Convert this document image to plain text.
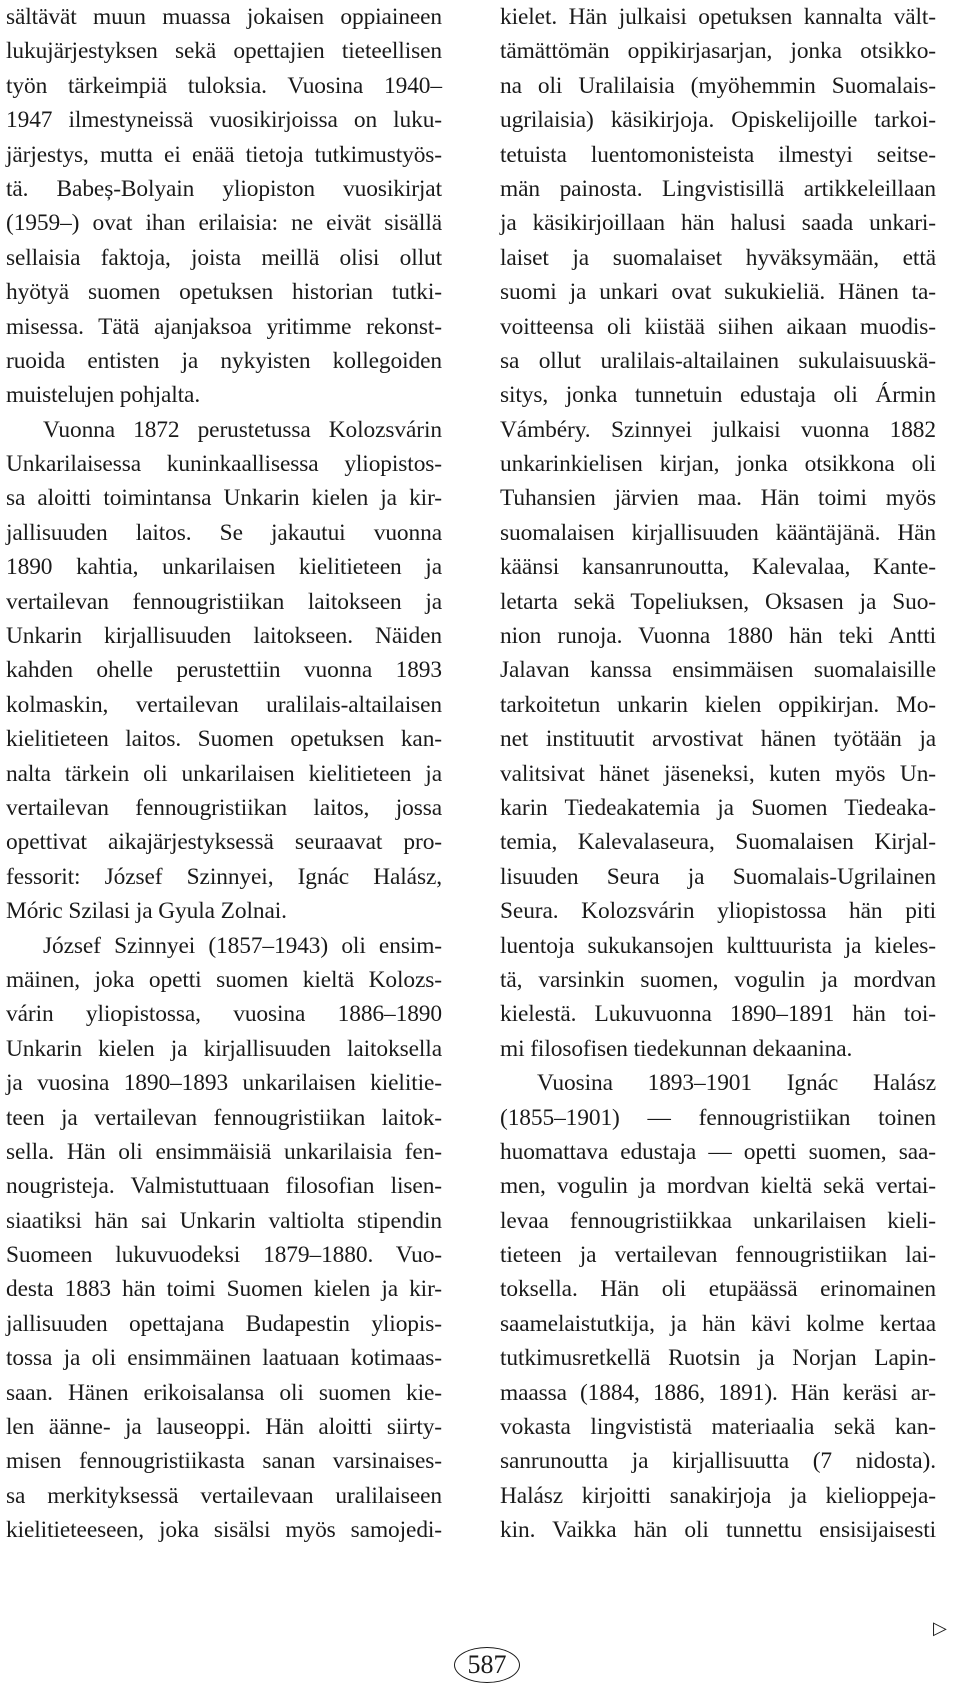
sältävät muun muassa jokaisen oppiaineen
lukujärjestyksen sekä opettajien tieteellisen
työn tärkeimpiä tuloksia. Vuosina 1940–
1947 ilmestyneissä vuosikirjoissa on luku-
järjestys, mutta ei enää tietoja tutkimustyös-
tä. Babeș-Bolyain yliopiston vuosikirjat
(1959–) ovat ihan erilaisia: ne eivät sisällä
sellaisia faktoja, joista meillä olisi ollut
hyötyä suomen opetuksen historian tutki-
misessa. Tätä ajanjaksoa yritimme rekonst-
ruoida entisten ja nykyisten kollegoiden
muistelujen pohjalta.
Vuonna 1872 perustetussa Kolozsvárin
Unkarilaisessa kuninkaallisessa yliopistos-
sa aloitti toimintansa Unkarin kielen ja kir-
jallisuuden laitos. Se jakautui vuonna
1890 kahtia, unkarilaisen kielitieteen ja
vertailevan fennougristiikan laitokseen ja
Unkarin kirjallisuuden laitokseen. Näiden
kahden ohelle perustettiin vuonna 1893
kolmaskin, vertailevan uralilais-altailaisen
kielitieteen laitos. Suomen opetuksen kan-
nalta tärkein oli unkarilaisen kielitieteen ja
vertailevan fennougristiikan laitos, jossa
opettivat aikajärjestyksessä seuraavat pro-
fessorit: József Szinnyei, Ignác Halász,
Móric Szilasi ja Gyula Zolnai.
József Szinnyei (1857–1943) oli ensim-
mäinen, joka opetti suomen kieltä Kolozs-
várin yliopistossa, vuosina 1886–1890
Unkarin kielen ja kirjallisuuden laitoksella
ja vuosina 1890–1893 unkarilaisen kielitie-
teen ja vertailevan fennougristiikan laitok-
sella. Hän oli ensimmäisiä unkarilaisia fen-
nougristeja. Valmistuttuaan filosofian lisen-
siaatiksi hän sai Unkarin valtiolta stipendin
Suomeen lukuvuodeksi 1879–1880. Vuo-
desta 1883 hän toimi Suomen kielen ja kir-
jallisuuden opettajana Budapestin yliopis-
tossa ja oli ensimmäinen laatuaan kotimaas-
saan. Hänen erikoisalansa oli suomen kie-
len äänne- ja lauseoppi. Hän aloitti siirty-
misen fennougristiikasta sanan varsinaises-
sa merkityksessä vertailevaan uralilaiseen
kielitieteeseen, joka sisälsi myös samojedi-
kielet. Hän julkaisi opetuksen kannalta vält-
tämättömän oppikirjasarjan, jonka otsikko-
na oli Uralilaisia (myöhemmin Suomalais-
ugrilaisia) käsikirjoja. Opiskelijoille tarkoi-
tetuista luentomonisteista ilmestyi seitse-
män painosta. Lingvistisillä artikkeleillaan
ja käsikirjoillaan hän halusi saada unkari-
laiset ja suomalaiset hyväksymään, että
suomi ja unkari ovat sukukieliä. Hänen ta-
voitteensa oli kiistää siihen aikaan muodis-
sa ollut uralilais-altailainen sukulaisuuskä-
sitys, jonka tunnetuin edustaja oli Ármin
Vámbéry. Szinnyei julkaisi vuonna 1882
unkarinkielisen kirjan, jonka otsikkona oli
Tuhansien järvien maa. Hän toimi myös
suomalaisen kirjallisuuden kääntäjänä. Hän
käänsi kansanrunoutta, Kalevalaa, Kante-
letarta sekä Topeliuksen, Oksasen ja Suo-
nion runoja. Vuonna 1880 hän teki Antti
Jalavan kanssa ensimmäisen suomalaisille
tarkoitetun unkarin kielen oppikirjan. Mo-
net instituutit arvostivat hänen työtään ja
valitsivat hänet jäseneksi, kuten myös Un-
karin Tiedeakatemia ja Suomen Tiedeaka-
temia, Kalevalaseura, Suomalaisen Kirjal-
lisuuden Seura ja Suomalais-Ugrilainen
Seura. Kolozsvárin yliopistossa hän piti
luentoja sukukansojen kulttuurista ja kieles-
tä, varsinkin suomen, vogulin ja mordvan
kielestä. Lukuvuonna 1890–1891 hän toi-
mi filosofisen tiedekunnan dekaanina.
Vuosina 1893–1901 Ignác Halász
(1855–1901) — fennougristiikan toinen
huomattava edustaja — opetti suomen, saa-
men, vogulin ja mordvan kieltä sekä vertai-
levaa fennougristiikkaa unkarilaisen kieli-
tieteen ja vertailevan fennougristiikan lai-
toksella. Hän oli etupäässä erinomainen
saamelaistutkija, ja hän kävi kolme kertaa
tutkimusretkellä Ruotsin ja Norjan Lapin-
maassa (1884, 1886, 1891). Hän keräsi ar-
vokasta lingvististä materiaalia sekä kan-
sanrunoutta ja kirjallisuutta (7 nidosta).
Halász kirjoitti sanakirjoja ja kielioppeja-
kin. Vaikka hän oli tunnettu ensisijaisesti
▷
587
